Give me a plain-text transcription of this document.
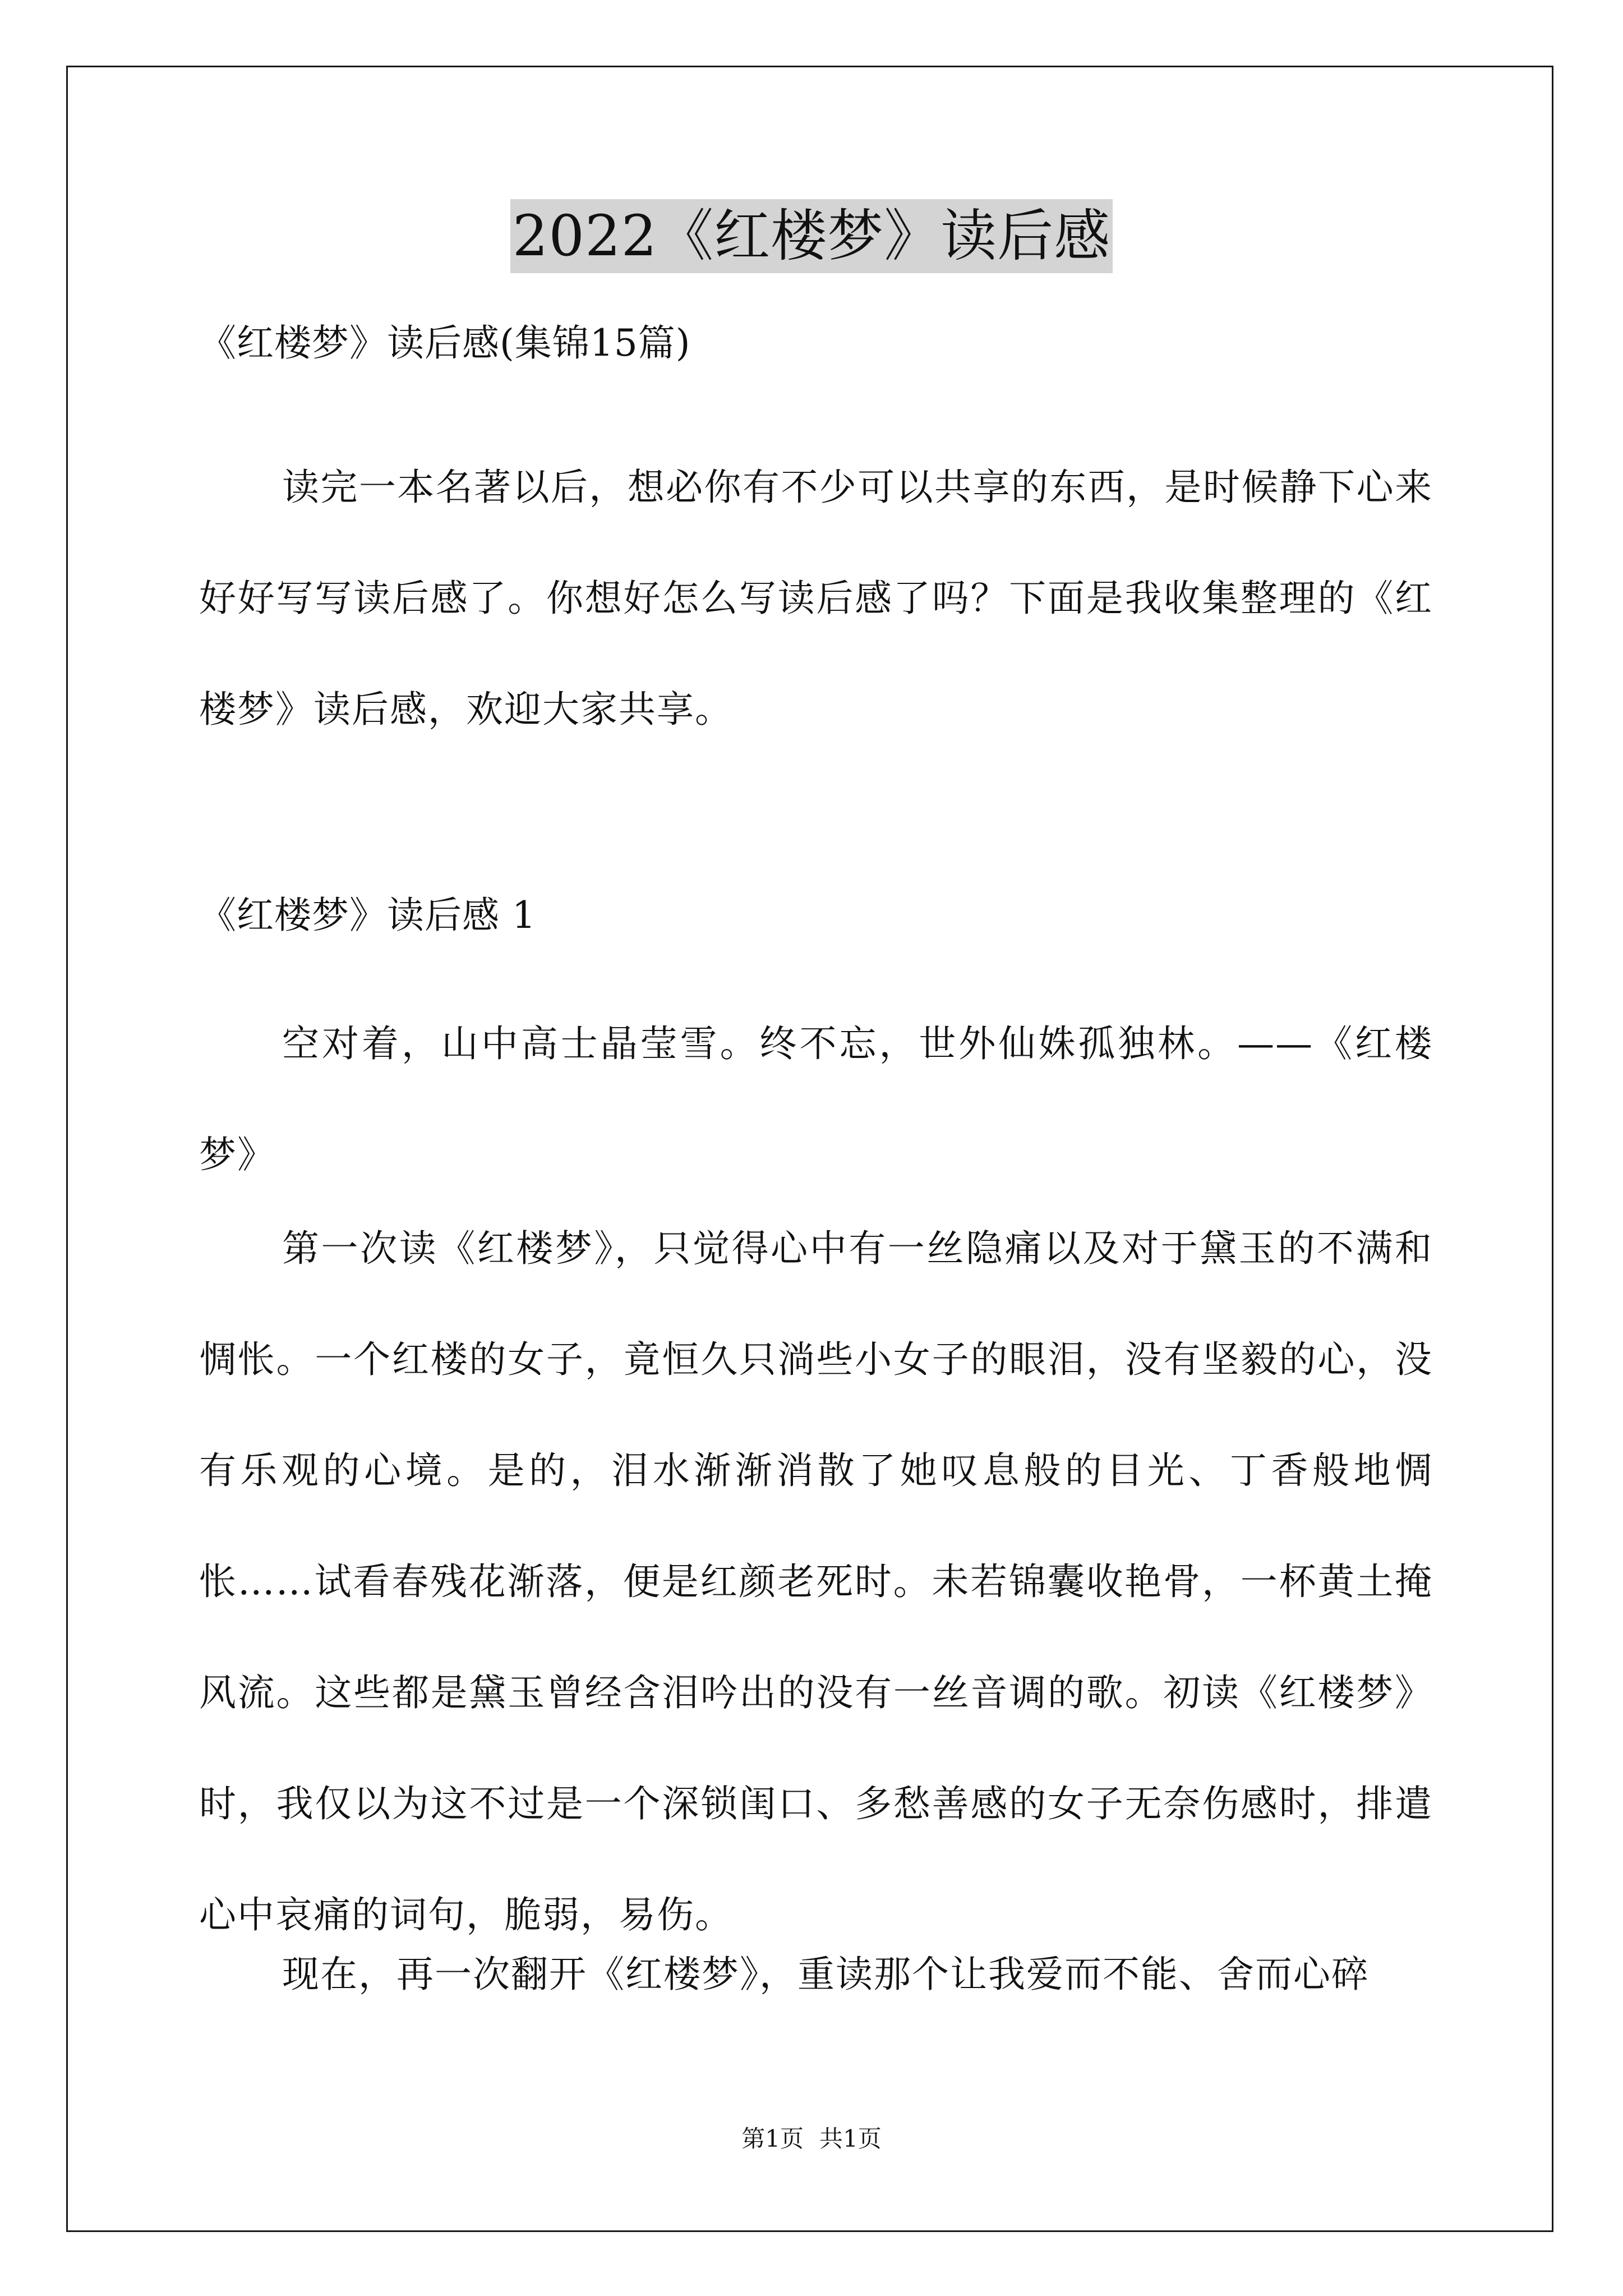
2022《红楼梦》读后感
《红楼梦》读后感(集锦15篇)
读完一本名著以后，想必你有不少可以共享的东西，是时候静下心来好好写写读后感了。你想好怎么写读后感了吗？下面是我收集整理的《红楼梦》读后感，欢迎大家共享。
《红楼梦》读后感 1
空对着，山中高士晶莹雪。终不忘，世外仙姝孤独林。——《红楼梦》
第一次读《红楼梦》，只觉得心中有一丝隐痛以及对于黛玉的不满和惆怅。一个红楼的女子，竟恒久只淌些小女子的眼泪，没有坚毅的心，没有乐观的心境。是的，泪水渐渐消散了她叹息般的目光、丁香般地惆怅……试看春残花渐落，便是红颜老死时。未若锦囊收艳骨，一杯黄土掩风流。这些都是黛玉曾经含泪吟出的没有一丝音调的歌。初读《红楼梦》时，我仅以为这不过是一个深锁闺口、多愁善感的女子无奈伤感时，排遣心中哀痛的词句，脆弱，易伤。
现在，再一次翻开《红楼梦》，重读那个让我爱而不能、舍而心碎
第1页 共1页
